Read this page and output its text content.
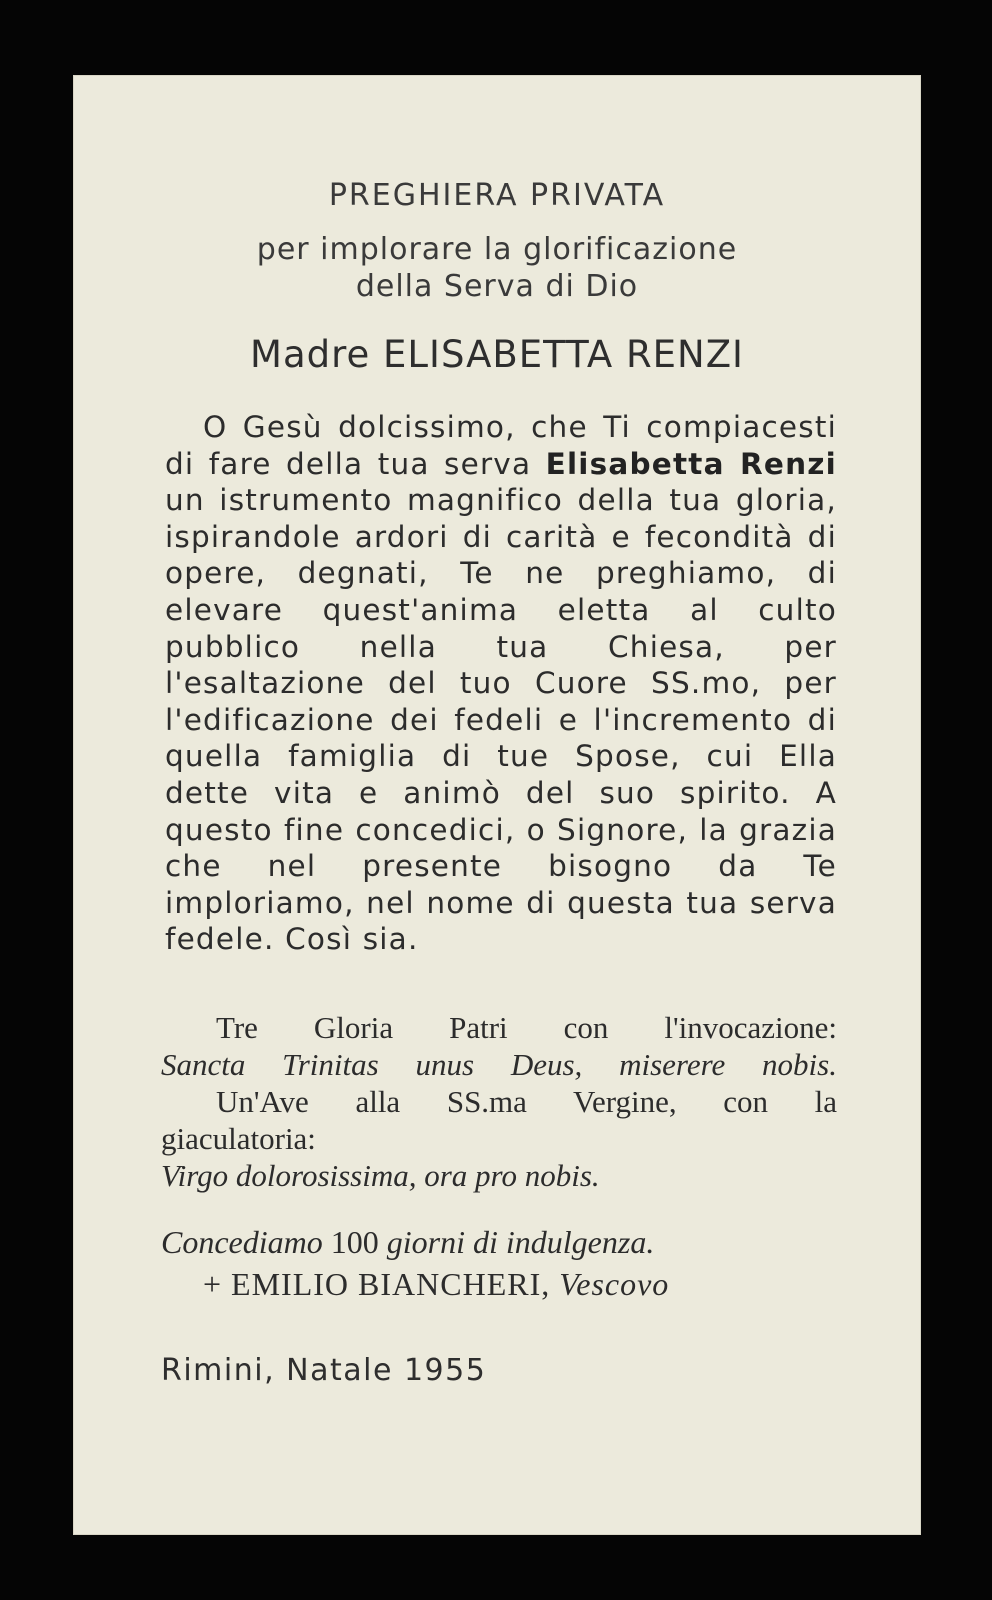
PREGHIERA PRIVATA
per implorare la glorificazione
della Serva di Dio
Madre ELISABETTA RENZI

O Gesù dolcissimo, che Ti compiacesti di fare della tua serva Elisabetta Renzi un istrumento magnifico della tua gloria, ispirandole ardori di carità e fecondità di opere, degnati, Te ne preghiamo, di elevare quest'anima eletta al culto pubblico nella tua Chiesa, per l'esaltazione del tuo Cuore SS.mo, per l'edificazione dei fedeli e l'incremento di quella famiglia di tue Spose, cui Ella dette vita e animò del suo spirito. A questo fine concedici, o Signore, la grazia che nel presente bisogno da Te imploriamo, nel nome di questa tua serva fedele. Così sia.

Tre Gloria Patri con l'invocazione:
Sancta Trinitas unus Deus, miserere nobis.
Un'Ave alla SS.ma Vergine, con la
giaculatoria:
Virgo dolorosissima, ora pro nobis.
Concediamo 100 giorni di indulgenza.
+ EMILIO BIANCHERI, Vescovo
Rimini, Natale 1955
